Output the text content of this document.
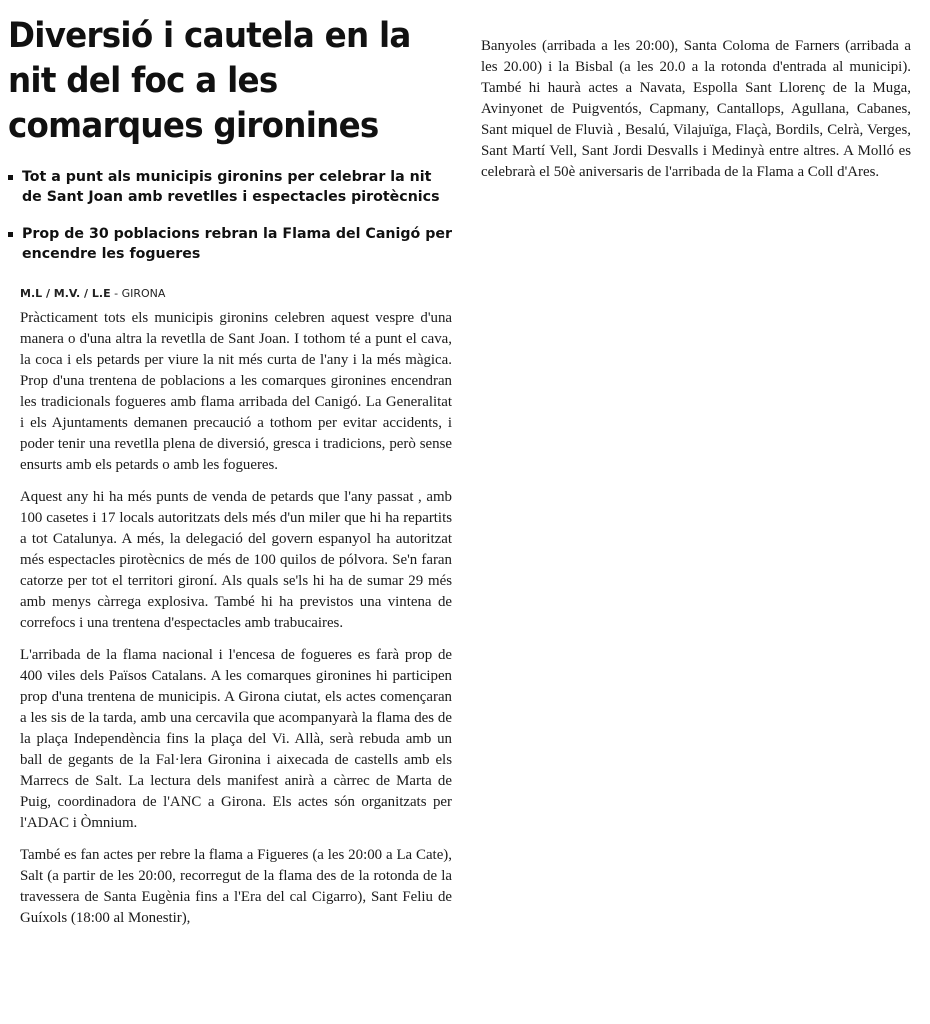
Diversió i cautela en la nit del foc a les comarques gironines
Tot a punt als municipis gironins per celebrar la nit de Sant Joan amb revetlles i espectacles pirotècnics
Prop de 30 poblacions rebran la Flama del Canigó per encendre les fogueres
M.L / M.V. / L.E - GIRONA

Pràcticament tots els municipis gironins celebren aquest vespre d'una manera o d'una altra la revetlla de Sant Joan. I tothom té a punt el cava, la coca i els petards per viure la nit més curta de l'any i la més màgica. Prop d'una trentena de poblacions a les comarques gironines encendran les tradicionals fogueres amb flama arribada del Canigó. La Generalitat i els Ajuntaments demanen precaució a tothom per evitar accidents, i poder tenir una revetlla plena de diversió, gresca i tradicions, però sense ensurts amb els petards o amb les fogueres.

Aquest any hi ha més punts de venda de petards que l'any passat , amb 100 casetes i 17 locals autoritzats dels més d'un miler que hi ha repartits a tot Catalunya. A més, la delegació del govern espanyol ha autoritzat més espectacles pirotècnics de més de 100 quilos de pólvora. Se'n faran catorze per tot el territori gironí. Als quals se'ls hi ha de sumar 29 més amb menys càrrega explosiva. També hi ha previstos una vintena de correfocs i una trentena d'espectacles amb trabucaires.

L'arribada de la flama nacional i l'encesa de fogueres es farà prop de 400 viles dels Països Catalans. A les comarques gironines hi participen prop d'una trentena de municipis. A Girona ciutat, els actes començaran a les sis de la tarda, amb una cercavila que acompanyarà la flama des de la plaça Independència fins la plaça del Vi. Allà, serà rebuda amb un ball de gegants de la Fal·lera Gironina i aixecada de castells amb els Marrecs de Salt. La lectura dels manifest anirà a càrrec de Marta de Puig, coordinadora de l'ANC a Girona. Els actes són organitzats per l'ADAC i Òmnium.

També es fan actes per rebre la flama a Figueres (a les 20:00 a La Cate), Salt (a partir de les 20:00, recorregut de la flama des de la rotonda de la travessera de Santa Eugènia fins a l'Era del cal Cigarro), Sant Feliu de Guíxols (18:00 al Monestir),

Banyoles (arribada a les 20:00), Santa Coloma de Farners (arribada a les 20.00) i la Bisbal (a les 20.0 a la rotonda d'entrada al municipi). També hi haurà actes a Navata, Espolla Sant Llorenç de la Muga, Avinyonet de Puigventós, Capmany, Cantallops, Agullana, Cabanes, Sant miquel de Fluvià , Besalú, Vilajuïga, Flaçà, Bordils, Celrà, Verges, Sant Martí Vell, Sant Jordi Desvalls i Medinyà entre altres. A Molló es celebrarà el 50è aniversaris de l'arribada de la Flama a Coll d'Ares.
